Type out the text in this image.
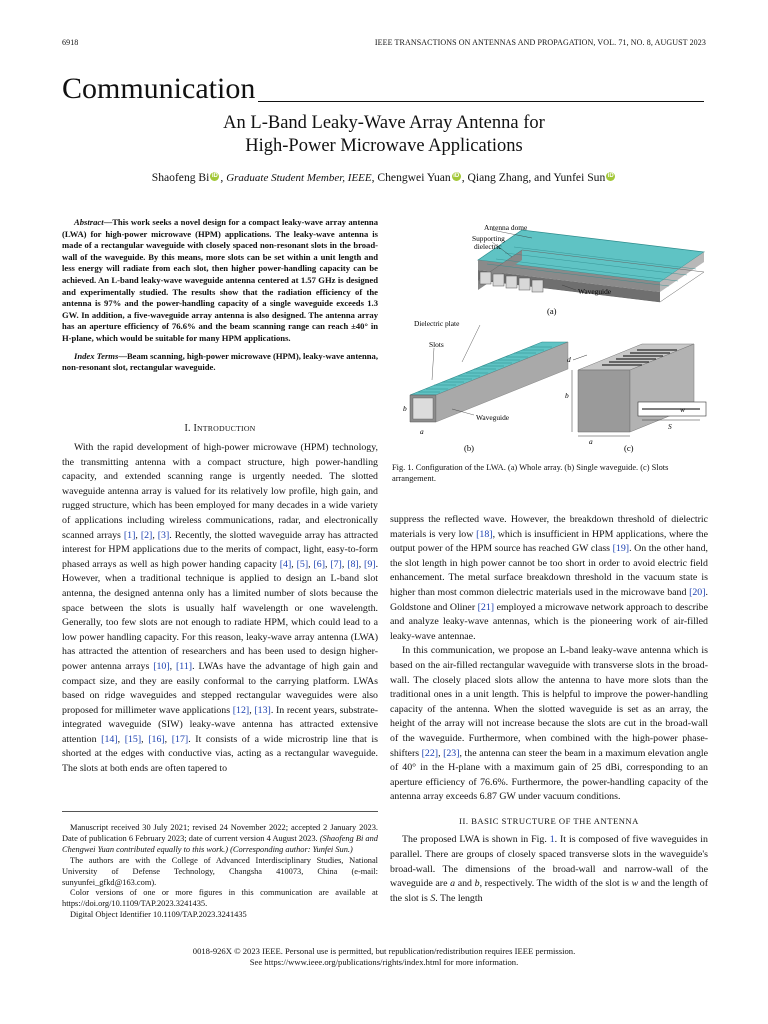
6918	IEEE TRANSACTIONS ON ANTENNAS AND PROPAGATION, VOL. 71, NO. 8, AUGUST 2023
Communication
An L-Band Leaky-Wave Array Antenna for
High-Power Microwave Applications
Shaofeng Bi iD , Graduate Student Member, IEEE, Chengwei Yuan iD , Qiang Zhang, and Yunfei Sun iD

Abstract—This work seeks a novel design for a compact leaky-wave array antenna (LWA) for high-power microwave (HPM) applications. The leaky-wave antenna is made of a rectangular waveguide with closely spaced non-resonant slots in the broad-wall of the waveguide. By this means, more slots can be set within a unit length and less energy will radiate from each slot, then higher power-handling capacity can be achieved. An L-band leaky-wave waveguide antenna centered at 1.57 GHz is designed and experimentally studied. The results show that the radiation efficiency of the antenna is 97% and the power-handling capacity of a single waveguide exceeds 1.3 GW. In addition, a five-waveguide array antenna is also designed. The antenna array has an aperture efficiency of 76.6% and the beam scanning range can reach ±40° in H-plane, which would be suitable for many HPM applications.

Index Terms—Beam scanning, high-power microwave (HPM), leaky-wave antenna, non-resonant slot, rectangular waveguide.

I. INTRODUCTION

With the rapid development of high-power microwave (HPM) technology, the transmitting antenna with a compact structure, high power-handling capacity, and extended scanning range is urgently needed. The slotted waveguide antenna array is valued for its relatively low profile, high gain, and rugged structure, which has been employed for many decades in a wide variety of applications including wireless communications, radar, and electronically scanned arrays [1], [2], [3]. Recently, the slotted waveguide array has attracted interest for HPM applications due to the merits of compact, light, easy-to-form phased arrays as well as high power handing capacity [4], [5], [6], [7], [8], [9]. However, when a traditional technique is applied to design an L-band slot antenna, the designed antenna only has a limited number of slots because the space between the slots is usually half wavelength or one wavelength. Generally, too few slots are not enough to radiate HPM, which could lead to a low power handling capacity. For this reason, leaky-wave array antenna (LWA) has attracted the attention of researchers and has been used to design higher-power antenna arrays [10], [11]. LWAs have the advantage of high gain and compact size, and they are easily conformal to the carrying platform. LWAs based on ridge waveguides and stepped rectangular waveguides were also proposed for millimeter wave applications [12], [13]. In recent years, substrate-integrated waveguide (SIW) leaky-wave antenna has attracted extensive attention [14], [15], [16], [17]. It consists of a wide microstrip line that is shorted at the edges with conductive vias, acting as a rectangular waveguide. The slots at both ends are often tapered to

Manuscript received 30 July 2021; revised 24 November 2022; accepted 2 January 2023. Date of publication 6 February 2023; date of current version 4 August 2023. (Shaofeng Bi and Chengwei Yuan contributed equally to this work.) (Corresponding author: Yunfei Sun.)

The authors are with the College of Advanced Interdisciplinary Studies, National University of Defense Technology, Changsha 410073, China (e-mail: sunyunfei_gfkd@163.com).

Color versions of one or more figures in this communication are available at https://doi.org/10.1109/TAP.2023.3241435.

Digital Object Identifier 10.1109/TAP.2023.3241435

Antenna dome
Supporting
dielectric
Waveguide
(a)
Dielectric plate
Slots
Waveguide
b
a
(b)
d
b
a
w
S
(c)
Fig. 1. Configuration of the LWA. (a) Whole array. (b) Single waveguide. (c) Slots arrangement.

suppress the reflected wave. However, the breakdown threshold of dielectric materials is very low [18], which is insufficient in HPM applications, where the output power of the HPM source has reached GW class [19]. On the other hand, the slot length in high power cannot be too short in order to avoid electric field enhancement. The metal surface breakdown threshold in the vacuum state is higher than most common dielectric materials used in the microwave band [20]. Goldstone and Oliner [21] employed a microwave network approach to describe and analyze leaky-wave antennas, which is the pioneering work of air-filled leaky-wave antennae.

In this communication, we propose an L-band leaky-wave antenna which is based on the air-filled rectangular waveguide with transverse slots in the broad-wall. The closely placed slots allow the antenna to have more slots than the traditional ones in a unit length. This is helpful to improve the power-handling capacity of the antenna. When the slotted waveguide is set as an array, the height of the array will not increase because the slots are cut in the broad-wall of the waveguide. Furthermore, when combined with the high-power phase-shifters [22], [23], the antenna can steer the beam in a maximum elevation angle of 40° in the H-plane with a maximum gain of 25 dBi, corresponding to an aperture efficiency of 76.6%. Furthermore, the power-handling capacity of the antenna array exceeds 6.87 GW under vacuum conditions.

II. BASIC STRUCTURE OF THE ANTENNA

The proposed LWA is shown in Fig. 1. It is composed of five waveguides in parallel. There are groups of closely spaced transverse slots in the waveguide's broad-wall. The dimensions of the broad-wall and narrow-wall of the waveguide are a and b, respectively. The width of the slot is w and the length of the slot is S. The length

0018-926X © 2023 IEEE. Personal use is permitted, but republication/redistribution requires IEEE permission.
See https://www.ieee.org/publications/rights/index.html for more information.
